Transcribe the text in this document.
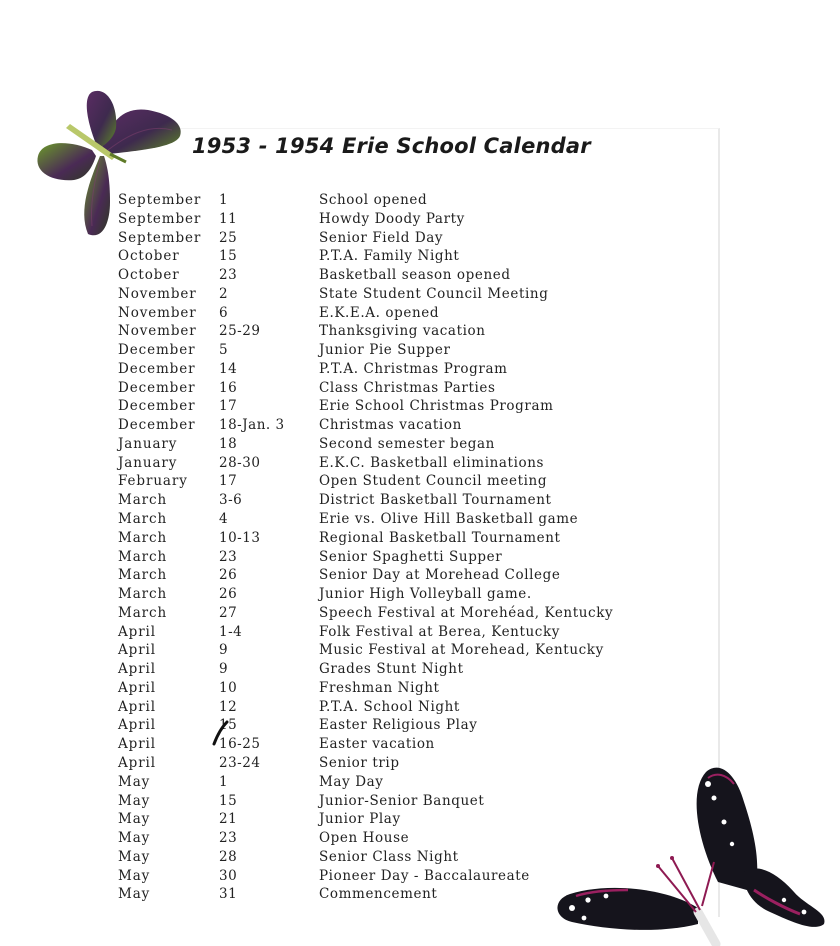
1953 - 1954 Erie School Calendar
September 1	School opened
September 11	Howdy Doody Party
September 25	Senior Field Day
October	15	P.T.A. Family Night
October	23	Basketball season opened
November 2	State Student Council Meeting
November 6	E.K.E.A. opened
November 25-29	Thanksgiving vacation
December 5	Junior Pie Supper
December 14	P.T.A. Christmas Program
December 16	Class Christmas Parties
December 17	Erie School Christmas Program
December 18-Jan. 3	Christmas vacation
January	18	Second semester began
January	28-30	E.K.C. Basketball eliminations
February 17	Open Student Council meeting
March	3-6	District Basketball Tournament
March	4	Erie vs. Olive Hill Basketball game
March	10-13	Regional Basketball Tournament
March	23	Senior Spaghetti Supper
March	26	Senior Day at Morehead College
March	26	Junior High Volleyball game.
March	27	Speech Festival at Morehéad, Kentucky
April	1-4	Folk Festival at Berea, Kentucky
April	9	Music Festival at Morehead, Kentucky
April	9	Grades Stunt Night
April	10	Freshman Night
April	12	P.T.A. School Night
April	15	Easter Religious Play
April	16-25	Easter vacation
April	23-24	Senior trip
May	1	May Day
May	15	Junior-Senior Banquet
May	21	Junior Play
May	23	Open House
May	28	Senior Class Night
May	30	Pioneer Day - Baccalaureate
May	31	Commencement
